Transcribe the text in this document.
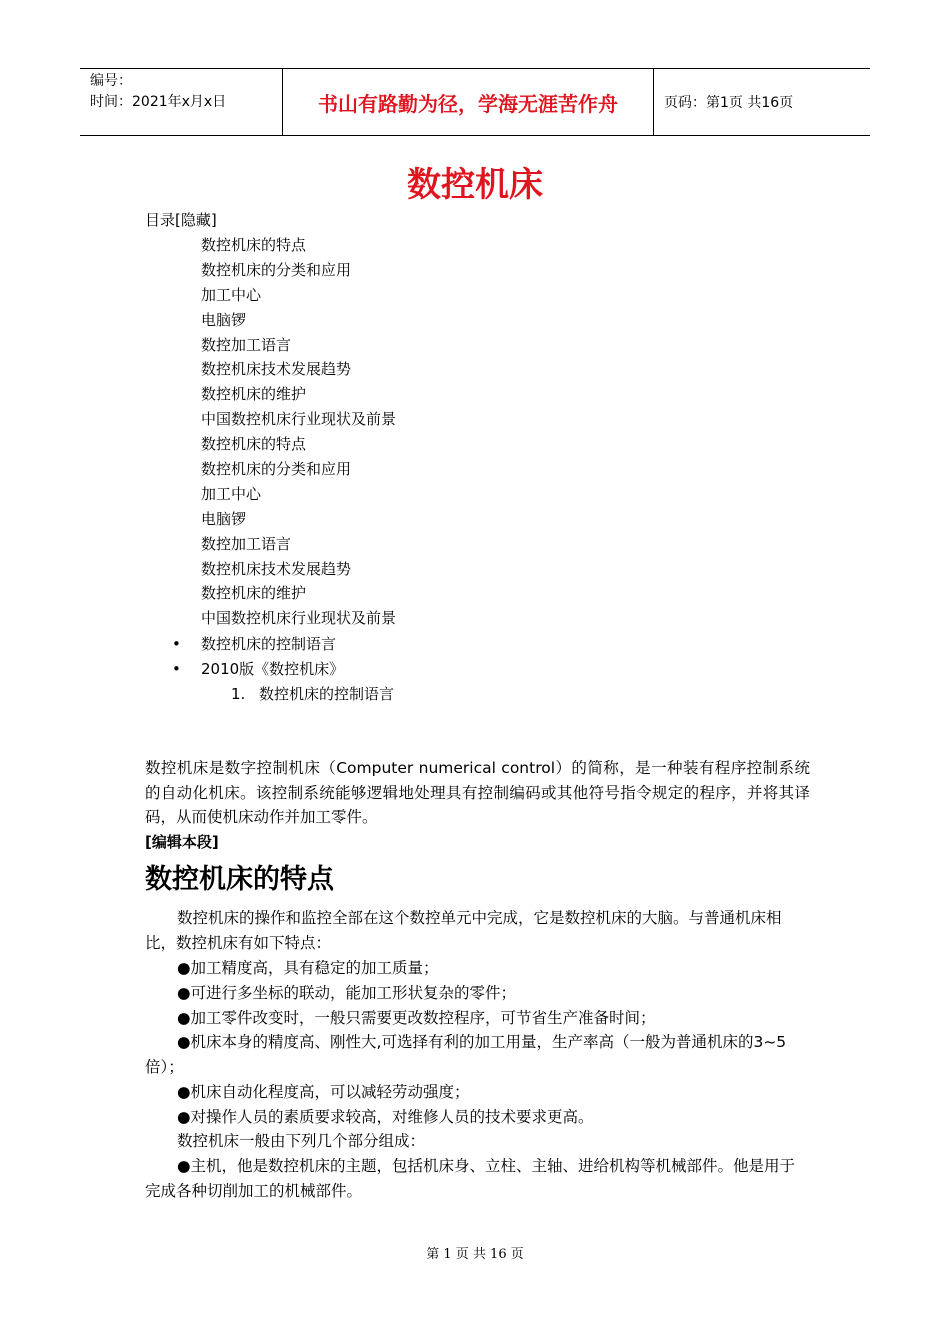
编号：
时间：2021年x月x日	书山有路勤为径，学海无涯苦作舟	页码：第1页 共16页
数控机床
目录[隐藏]
数控机床的特点
数控机床的分类和应用
加工中心
电脑锣
数控加工语言
数控机床技术发展趋势
数控机床的维护
中国数控机床行业现状及前景
数控机床的特点
数控机床的分类和应用
加工中心
电脑锣
数控加工语言
数控机床技术发展趋势
数控机床的维护
中国数控机床行业现状及前景
• 数控机床的控制语言
• 2010版《数控机床》
1. 数控机床的控制语言
数控机床是数字控制机床（Computer numerical control）的简称，是一种装有程序控制系统的自动化机床。该控制系统能够逻辑地处理具有控制编码或其他符号指令规定的程序，并将其译码，从而使机床动作并加工零件。
[编辑本段]
数控机床的特点
数控机床的操作和监控全部在这个数控单元中完成，它是数控机床的大脑。与普通机床相比，数控机床有如下特点：
●加工精度高，具有稳定的加工质量；
●可进行多坐标的联动，能加工形状复杂的零件；
●加工零件改变时，一般只需要更改数控程序，可节省生产准备时间；
●机床本身的精度高、刚性大,可选择有利的加工用量，生产率高（一般为普通机床的3~5倍）；
●机床自动化程度高，可以减轻劳动强度；
●对操作人员的素质要求较高，对维修人员的技术要求更高。
数控机床一般由下列几个部分组成：
●主机，他是数控机床的主题，包括机床身、立柱、主轴、进给机构等机械部件。他是用于完成各种切削加工的机械部件。
第 1 页 共 16 页
